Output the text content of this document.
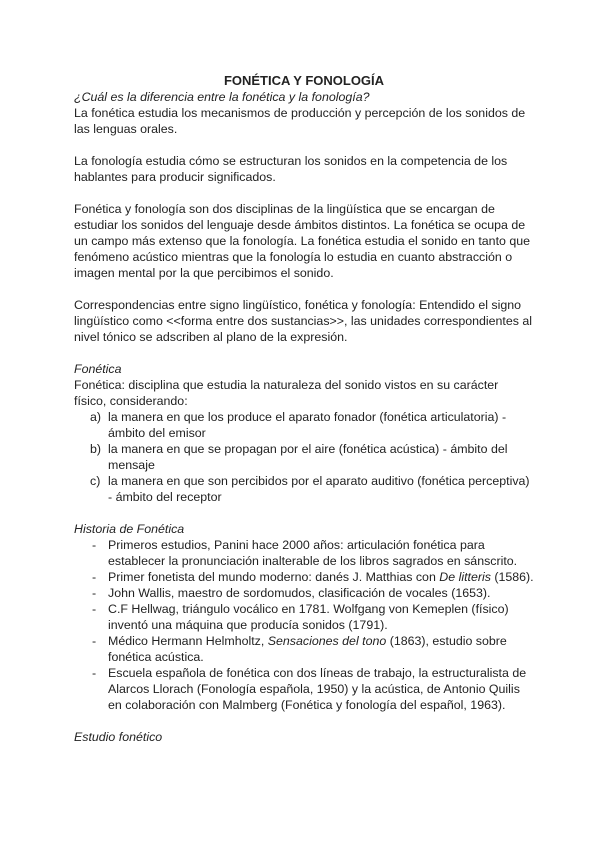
FONÉTICA Y FONOLOGÍA

¿Cuál es la diferencia entre la fonética y la fonología?

La fonética estudia los mecanismos de producción y percepción de los sonidos de las lenguas orales.

La fonología estudia cómo se estructuran los sonidos en la competencia de los hablantes para producir significados.

Fonética y fonología son dos disciplinas de la lingüística que se encargan de estudiar los sonidos del lenguaje desde ámbitos distintos. La fonética se ocupa de un campo más extenso que la fonología. La fonética estudia el sonido en tanto que fenómeno acústico mientras que la fonología lo estudia en cuanto abstracción o imagen mental por la que percibimos el sonido.

Correspondencias entre signo lingüístico, fonética y fonología: Entendido el signo lingüístico como <<forma entre dos sustancias>>, las unidades correspondientes al nivel tónico se adscriben al plano de la expresión.

Fonética

Fonética: disciplina que estudia la naturaleza del sonido vistos en su carácter físico, considerando:

a) la manera en que los produce el aparato fonador (fonética articulatoria) - ámbito del emisor
b) la manera en que se propagan por el aire (fonética acústica) - ámbito del mensaje
c) la manera en que son percibidos por el aparato auditivo (fonética perceptiva) - ámbito del receptor

Historia de Fonética

- Primeros estudios, Panini hace 2000 años: articulación fonética para establecer la pronunciación inalterable de los libros sagrados en sánscrito.
- Primer fonetista del mundo moderno: danés J. Matthias con De litteris (1586).
- John Wallis, maestro de sordomudos, clasificación de vocales (1653).
- C.F Hellwag, triángulo vocálico en 1781. Wolfgang von Kemeplen (físico) inventó una máquina que producía sonidos (1791).
- Médico Hermann Helmholtz, Sensaciones del tono (1863), estudio sobre fonética acústica.
- Escuela española de fonética con dos líneas de trabajo, la estructuralista de Alarcos Llorach (Fonología española, 1950) y la acústica, de Antonio Quilis en colaboración con Malmberg (Fonética y fonología del español, 1963).

Estudio fonético
